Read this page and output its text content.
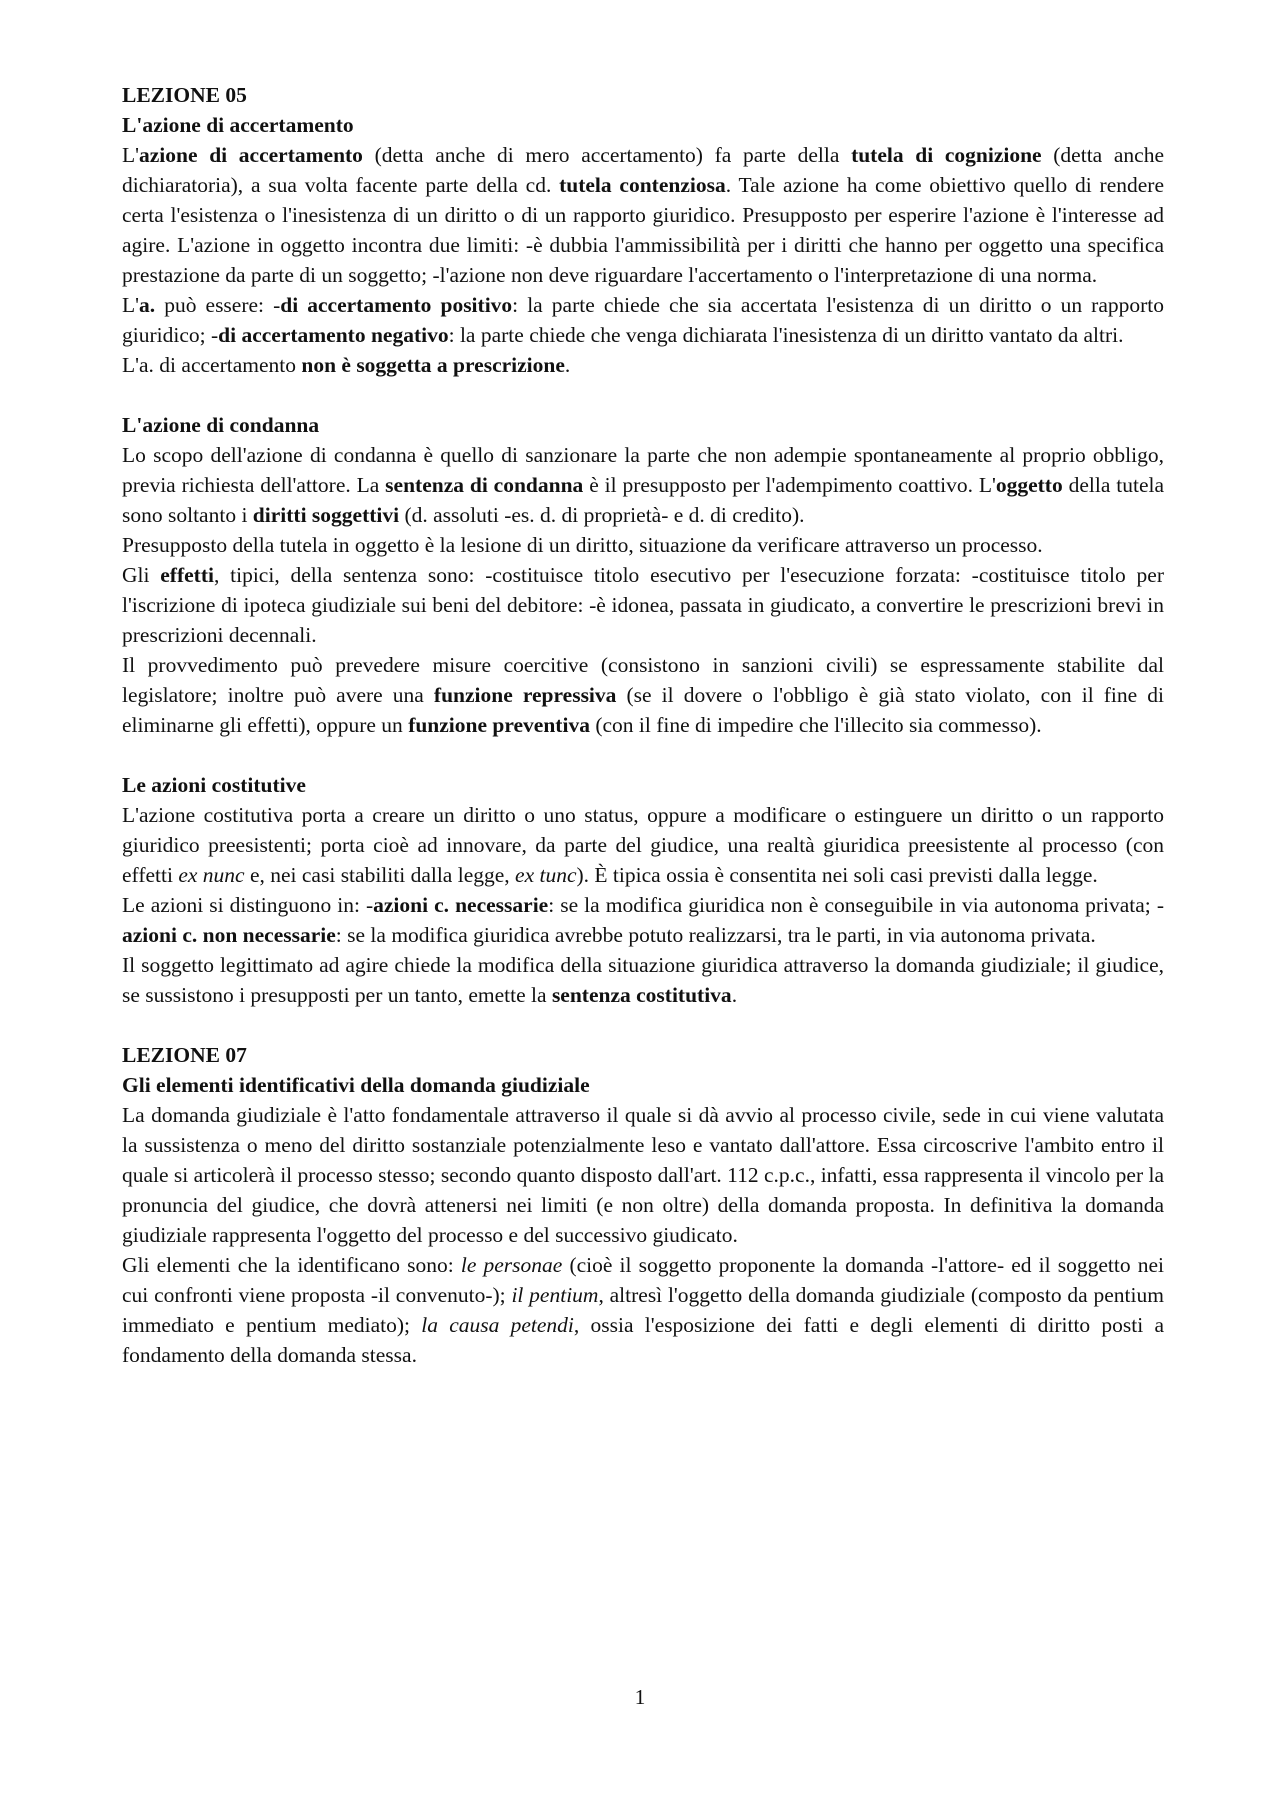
LEZIONE 05

L'azione di accertamento

L'azione di accertamento (detta anche di mero accertamento) fa parte della tutela di cognizione (detta anche dichiaratoria), a sua volta facente parte della cd. tutela contenziosa. Tale azione ha come obiettivo quello di rendere certa l'esistenza o l'inesistenza di un diritto o di un rapporto giuridico. Presupposto per esperire l'azione è l'interesse ad agire. L'azione in oggetto incontra due limiti: -è dubbia l'ammissibilità per i diritti che hanno per oggetto una specifica prestazione da parte di un soggetto; -l'azione non deve riguardare l'accertamento o l'interpretazione di una norma.

L'a. può essere: -di accertamento positivo: la parte chiede che sia accertata l'esistenza di un diritto o un rapporto giuridico; -di accertamento negativo: la parte chiede che venga dichiarata l'inesistenza di un diritto vantato da altri.

L'a. di accertamento non è soggetta a prescrizione.

L'azione di condanna

Lo scopo dell'azione di condanna è quello di sanzionare la parte che non adempie spontaneamente al proprio obbligo, previa richiesta dell'attore. La sentenza di condanna è il presupposto per l'adempimento coattivo. L'oggetto della tutela sono soltanto i diritti soggettivi (d. assoluti -es. d. di proprietà- e d. di credito).

Presupposto della tutela in oggetto è la lesione di un diritto, situazione da verificare attraverso un processo.

Gli effetti, tipici, della sentenza sono: -costituisce titolo esecutivo per l'esecuzione forzata: -costituisce titolo per l'iscrizione di ipoteca giudiziale sui beni del debitore: -è idonea, passata in giudicato, a convertire le prescrizioni brevi in prescrizioni decennali.

Il provvedimento può prevedere misure coercitive (consistono in sanzioni civili) se espressamente stabilite dal legislatore; inoltre può avere una funzione repressiva (se il dovere o l'obbligo è già stato violato, con il fine di eliminarne gli effetti), oppure un funzione preventiva (con il fine di impedire che l'illecito sia commesso).

Le azioni costitutive

L'azione costitutiva porta a creare un diritto o uno status, oppure a modificare o estinguere un diritto o un rapporto giuridico preesistenti; porta cioè ad innovare, da parte del giudice, una realtà giuridica preesistente al processo (con effetti ex nunc e, nei casi stabiliti dalla legge, ex tunc). È tipica ossia è consentita nei soli casi previsti dalla legge.

Le azioni si distinguono in: -azioni c. necessarie: se la modifica giuridica non è conseguibile in via autonoma privata; -azioni c. non necessarie: se la modifica giuridica avrebbe potuto realizzarsi, tra le parti, in via autonoma privata.

Il soggetto legittimato ad agire chiede la modifica della situazione giuridica attraverso la domanda giudiziale; il giudice, se sussistono i presupposti per un tanto, emette la sentenza costitutiva.

LEZIONE 07

Gli elementi identificativi della domanda giudiziale

La domanda giudiziale è l'atto fondamentale attraverso il quale si dà avvio al processo civile, sede in cui viene valutata la sussistenza o meno del diritto sostanziale potenzialmente leso e vantato dall'attore. Essa circoscrive l'ambito entro il quale si articolerà il processo stesso; secondo quanto disposto dall'art. 112 c.p.c., infatti, essa rappresenta il vincolo per la pronuncia del giudice, che dovrà attenersi nei limiti (e non oltre) della domanda proposta. In definitiva la domanda giudiziale rappresenta l'oggetto del processo e del successivo giudicato.

Gli elementi che la identificano sono: le personae (cioè il soggetto proponente la domanda -l'attore- ed il soggetto nei cui confronti viene proposta -il convenuto-); il pentium, altresì l'oggetto della domanda giudiziale (composto da pentium immediato e pentium mediato); la causa petendi, ossia l'esposizione dei fatti e degli elementi di diritto posti a fondamento della domanda stessa.

1
